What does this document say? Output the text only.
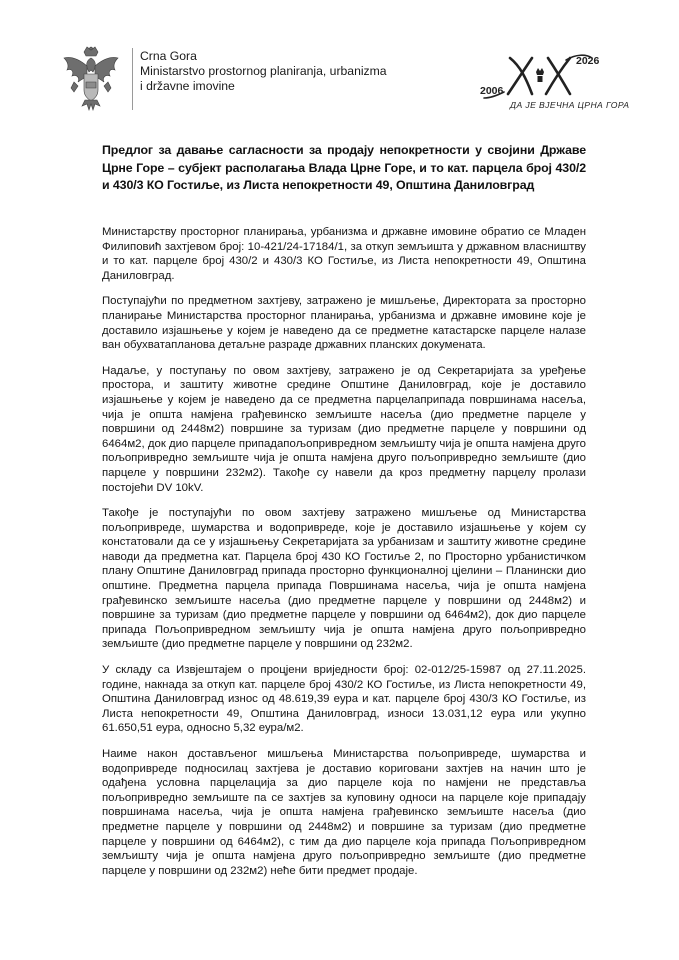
Crna Gora
Ministarstvo prostornog planiranja, urbanizma
i državne imovine
2026
2006
ДА ЈЕ ВЈЕЧНА ЦРНА ГОРА
Предлог за давање сагласности за продају непокретности у својини Државе Црне Горе – субјект располагања Влада Црне Горе, и то кат. парцела број 430/2 и 430/3 КО Гостиље, из Листа непокретности 49, Општина Даниловград

Министарству просторног планирања, урбанизма и државне имовине обратио се Младен Филиповић захтјевом број: 10-421/24-17184/1, за откуп земљишта у државном власништву и то кат. парцеле број 430/2 и 430/3 КО Гостиље, из Листа непокретности 49, Општина Даниловград.

Поступајући по предметном захтјеву, затражено је мишљење, Директората за просторно планирање Министарства просторног планирања, урбанизма и државне имовине које је доставило изјашњење у којем је наведено да се предметне катастарске парцеле налазе ван обухватапланова детаљне разраде државних планских докумената.

Надаље, у поступању по овом захтјеву, затражено је од Секретаријата за уређење простора, и заштиту животне средине Општине Даниловград, које је доставило изјашњење у којем је наведено да се предметна парцелаприпада површинама насеља, чија је општа намјена грађевинско земљиште насеља (дио предметне парцеле у површини од 2448м2) површине за туризам (дио предметне парцеле у површини од 6464м2, док дио парцеле припадапољопривредном земљишту чија је општа намјена друго пољопривредно земљиште чија је општа намјена друго пољопривредно земљиште (дио парцеле у површини 232м2). Такође су навели да кроз предметну парцелу пролази постојећи DV 10kV.

Такође је поступајући по овом захтјеву затражено мишљење од Министарства пољопривреде, шумарства и водопривреде, које је доставило изјашњење у којем су констатовали да се у изјашњењу Секретаријата за урбанизам и заштиту животне средине наводи да предметна кат. Парцела број 430 КО Гостиље 2, по Просторно урбанистичком плану Општине Даниловград припада просторно функционалној цјелини – Планински дио општине. Предметна парцела припада Површинама насеља, чија је општа намјена грађевинско земљиште насеља (дио предметне парцеле у површини од 2448м2) и површине за туризам (дио предметне парцеле у површини од 6464м2), док дио парцеле припада Пољопривредном земљишту чија је општа намјена друго пољопривредно земљиште (дио предметне парцеле у површини од 232м2.

У складу са Извјештајем о процјени вриједности број: 02-012/25-15987 од 27.11.2025. године, накнада за откуп кат. парцеле број 430/2 КО Гостиље, из Листа непокретности 49, Општина Даниловград износ од 48.619,39 еура и кат. парцеле број 430/3 КО Гостиље, из Листа непокретности 49, Општина Даниловград, износи 13.031,12 еура или укупно 61.650,51 еура, односно 5,32 еура/м2.

Наиме након достављеног мишљења Министарства пољопривреде, шумарства и водопривреде подносилац захтјева је доставио кориговани захтјев на начин што је одађена условна парцелација за дио парцеле која по намјени не представља пољопривредно земљиште па се захтјев за куповину односи на парцеле које припадају површинама насеља, чија је општа намјена грађевинско земљиште насеља (дио предметне парцеле у површини од 2448м2) и површине за туризам (дио предметне парцеле у површини од 6464м2), с тим да дио парцеле која припада Пољопривредном земљишту чија је општа намјена друго пољопривредно земљиште (дио предметне парцеле у површини од 232м2) неће бити предмет продаје.
